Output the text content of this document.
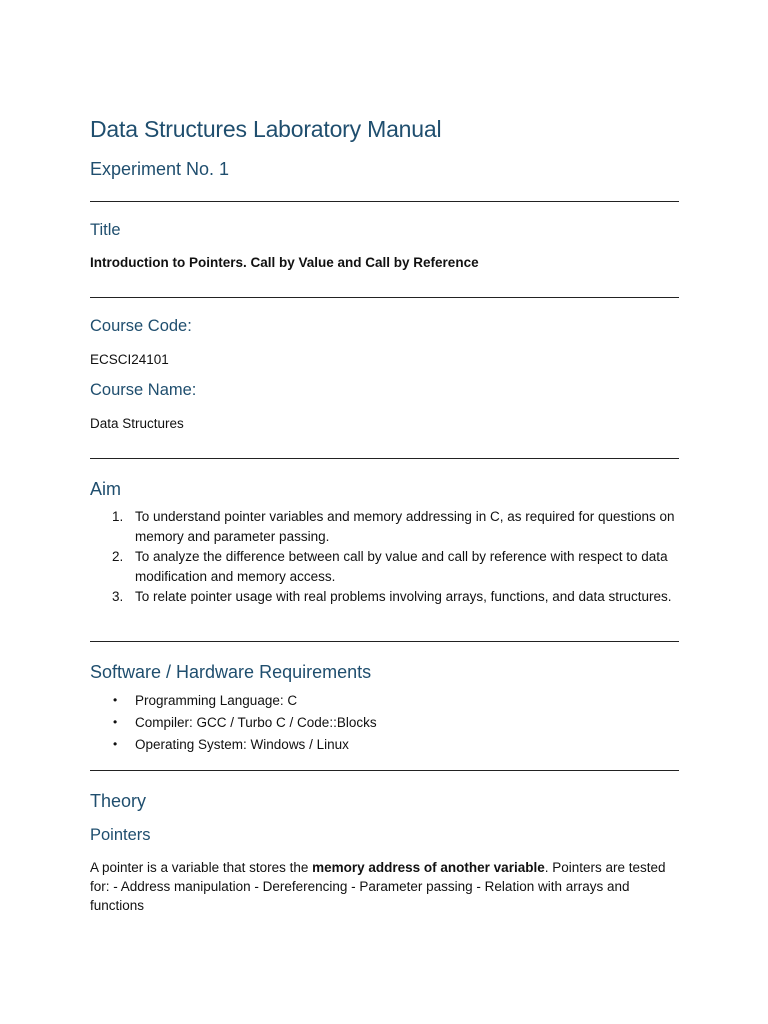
Data Structures Laboratory Manual
Experiment No. 1
Title

Introduction to Pointers. Call by Value and Call by Reference

Course Code:

ECSCI24101

Course Name:

Data Structures

Aim
1. To understand pointer variables and memory addressing in C, as required for questions on memory and parameter passing.
2. To analyze the difference between call by value and call by reference with respect to data modification and memory access.
3. To relate pointer usage with real problems involving arrays, functions, and data structures.
Software / Hardware Requirements
• Programming Language: C
• Compiler: GCC / Turbo C / Code::Blocks
• Operating System: Windows / Linux
Theory
Pointers

A pointer is a variable that stores the memory address of another variable. Pointers are tested for: - Address manipulation - Dereferencing - Parameter passing - Relation with arrays and functions
